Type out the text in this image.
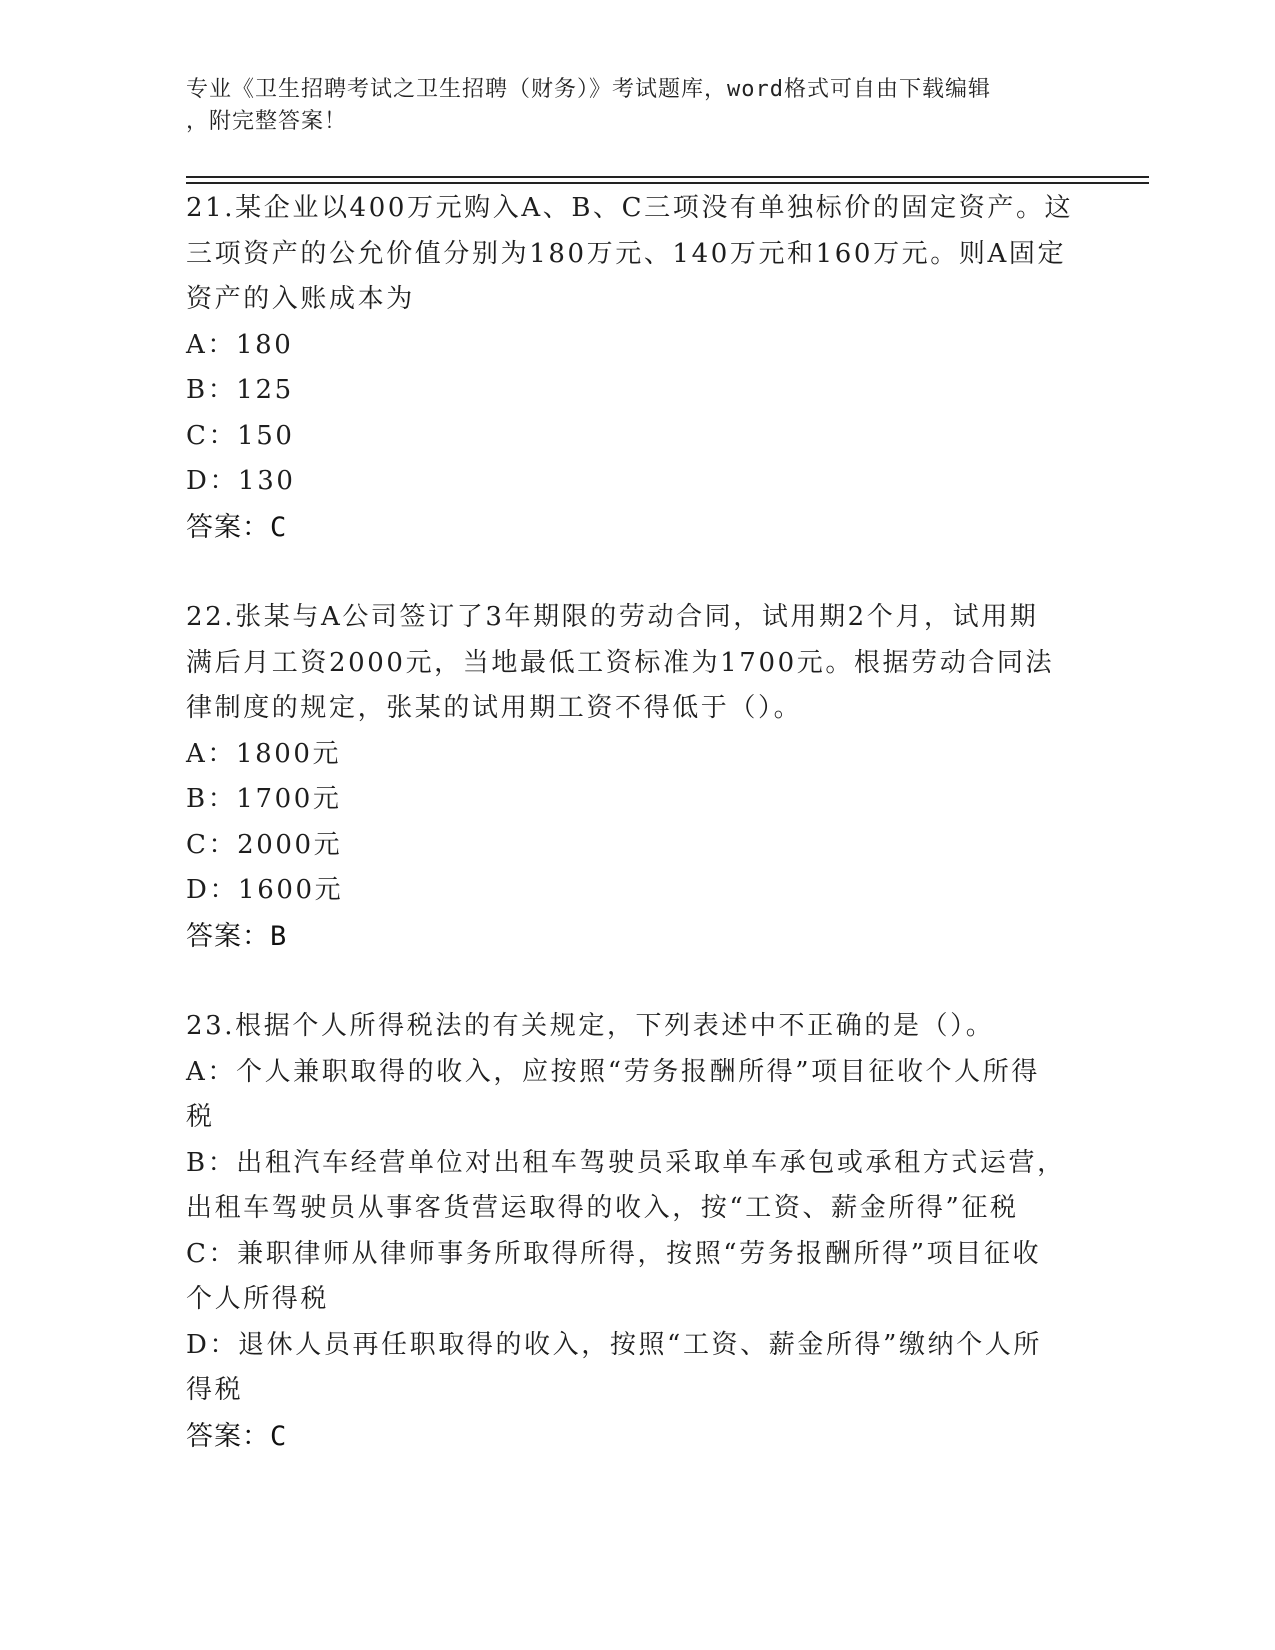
专业《卫生招聘考试之卫生招聘（财务）》考试题库，word格式可自由下载编辑
，附完整答案！
21.某企业以400万元购入A、B、C三项没有单独标价的固定资产。这
三项资产的公允价值分别为180万元、140万元和160万元。则A固定
资产的入账成本为
A：180
B：125
C：150
D：130
答案：C
22.张某与A公司签订了3年期限的劳动合同，试用期2个月，试用期
满后月工资2000元，当地最低工资标准为1700元。根据劳动合同法
律制度的规定，张某的试用期工资不得低于（）。
A：1800元
B：1700元
C：2000元
D：1600元
答案：B
23.根据个人所得税法的有关规定，下列表述中不正确的是（）。
A：个人兼职取得的收入，应按照“劳务报酬所得”项目征收个人所得
税
B：出租汽车经营单位对出租车驾驶员采取单车承包或承租方式运营，
出租车驾驶员从事客货营运取得的收入，按“工资、薪金所得”征税
C：兼职律师从律师事务所取得所得，按照“劳务报酬所得”项目征收
个人所得税
D：退休人员再任职取得的收入，按照“工资、薪金所得”缴纳个人所
得税
答案：C
